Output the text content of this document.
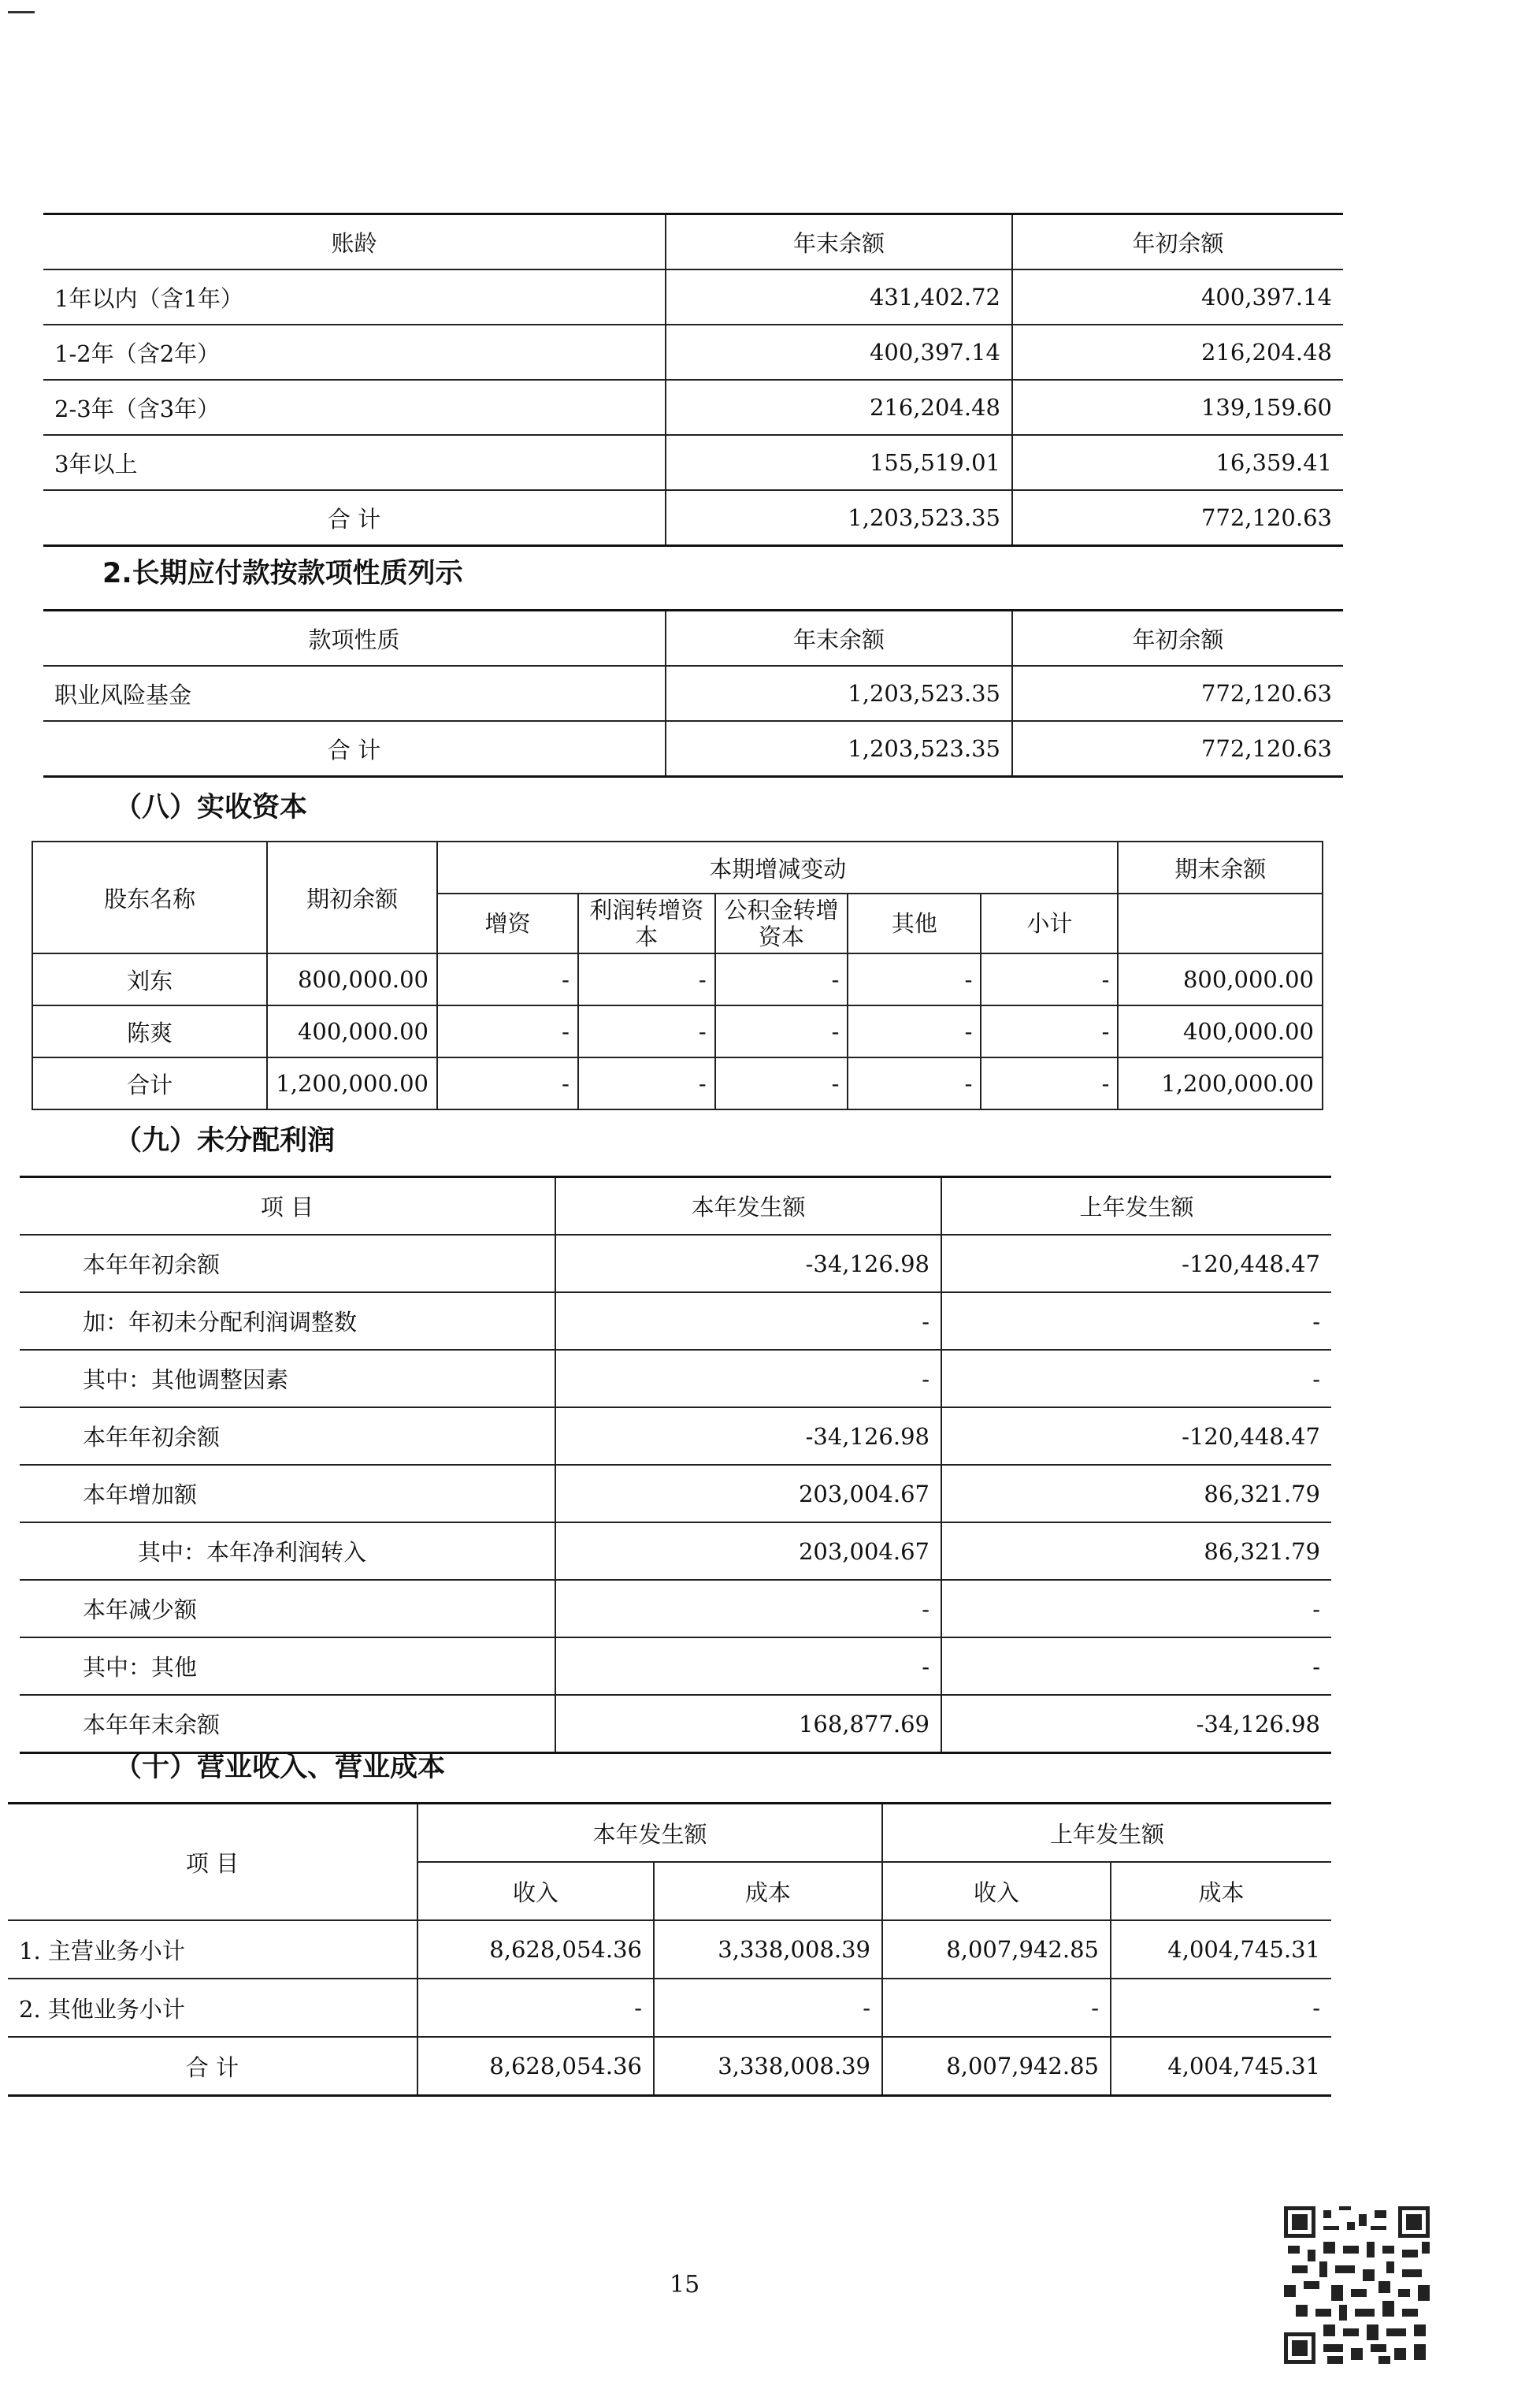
账龄	年末余额	年初余额
1年以内（含1年）	431,402.72	400,397.14
1-2年（含2年）	400,397.14	216,204.48
2-3年（含3年）	216,204.48	139,159.60
3年以上	155,519.01	16,359.41
合 计	1,203,523.35	772,120.63
2.长期应付款按款项性质列示
款项性质	年末余额	年初余额
职业风险基金	1,203,523.35	772,120.63
合 计	1,203,523.35	772,120.63
（八）实收资本
股东名称	期初余额	本期增减变动					期末余额
		增资	利润转增资本	公积金转增资本	其他	小计	
刘东	800,000.00	-	-	-	-	-	800,000.00
陈爽	400,000.00	-	-	-	-	-	400,000.00
合计	1,200,000.00	-	-	-	-	-	1,200,000.00
（九）未分配利润
项 目	本年发生额	上年发生额
本年年初余额	-34,126.98	-120,448.47
加：年初未分配利润调整数	-	-
其中：其他调整因素	-	-
本年年初余额	-34,126.98	-120,448.47
本年增加额	203,004.67	86,321.79
其中：本年净利润转入	203,004.67	86,321.79
本年减少额	-	-
其中：其他	-	-
本年年末余额	168,877.69	-34,126.98
（十）营业收入、营业成本
项 目	本年发生额		上年发生额	
	收入	成本	收入	成本
1. 主营业务小计	8,628,054.36	3,338,008.39	8,007,942.85	4,004,745.31
2. 其他业务小计	-	-	-	-
合 计	8,628,054.36	3,338,008.39	8,007,942.85	4,004,745.31
15
